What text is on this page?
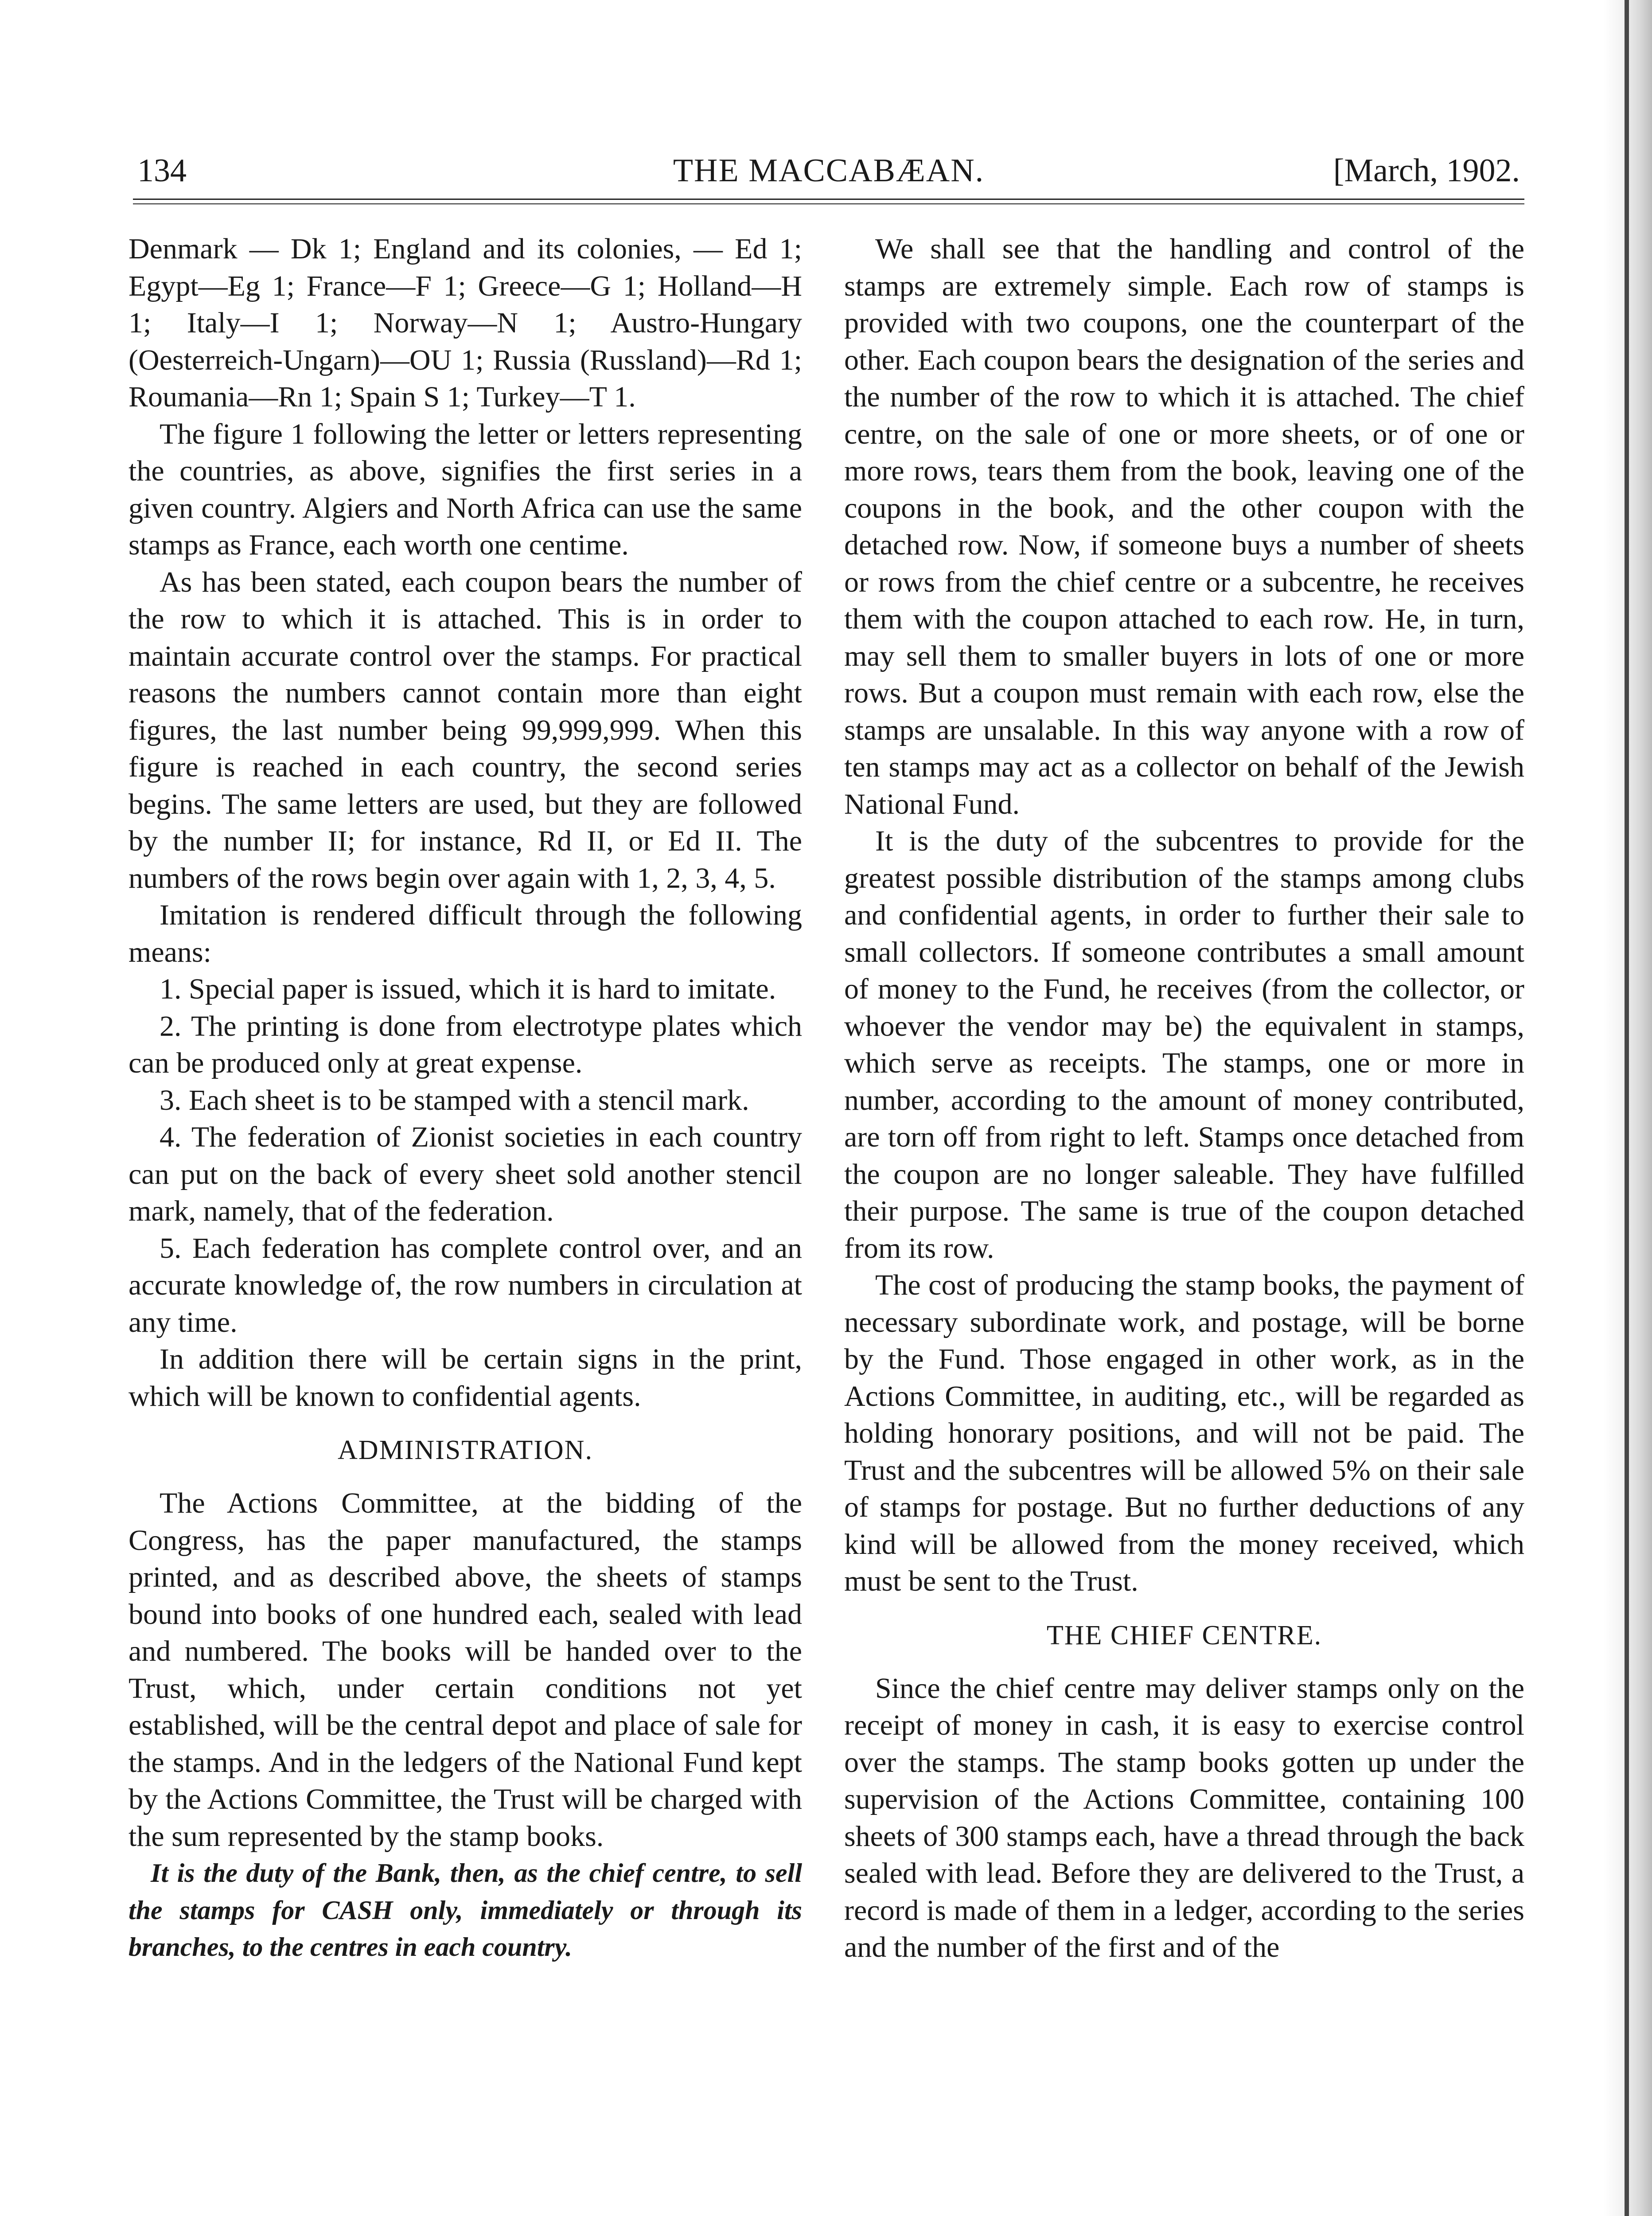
134	THE MACCABÆAN.	[March, 1902.

Denmark — Dk 1; England and its colonies, — Ed 1; Egypt—Eg 1; France—F 1; Greece—G 1; Holland—H 1; Italy—I 1; Norway—N 1; Austro-Hungary (Oesterreich-Ungarn)—OU 1; Russia (Russland)—Rd 1; Roumania—Rn 1; Spain S 1; Turkey—T 1.

The figure 1 following the letter or letters representing the countries, as above, signifies the first series in a given country. Algiers and North Africa can use the same stamps as France, each worth one centime.

As has been stated, each coupon bears the number of the row to which it is attached. This is in order to maintain accurate control over the stamps. For practical reasons the numbers cannot contain more than eight figures, the last number being 99,999,999. When this figure is reached in each country, the second series begins. The same letters are used, but they are followed by the number II; for instance, Rd II, or Ed II. The numbers of the rows begin over again with 1, 2, 3, 4, 5.

Imitation is rendered difficult through the following means:

1. Special paper is issued, which it is hard to imitate.

2. The printing is done from electrotype plates which can be produced only at great expense.

3. Each sheet is to be stamped with a stencil mark.

4. The federation of Zionist societies in each country can put on the back of every sheet sold another stencil mark, namely, that of the federation.

5. Each federation has complete control over, and an accurate knowledge of, the row numbers in circulation at any time.

In addition there will be certain signs in the print, which will be known to confidential agents.

ADMINISTRATION.

The Actions Committee, at the bidding of the Congress, has the paper manufactured, the stamps printed, and as described above, the sheets of stamps bound into books of one hundred each, sealed with lead and numbered. The books will be handed over to the Trust, which, under certain conditions not yet established, will be the central depot and place of sale for the stamps. And in the ledgers of the National Fund kept by the Actions Committee, the Trust will be charged with the sum represented by the stamp books.

It is the duty of the Bank, then, as the chief centre, to sell the stamps for CASH only, immediately or through its branches, to the centres in each country.

We shall see that the handling and control of the stamps are extremely simple. Each row of stamps is provided with two coupons, one the counterpart of the other. Each coupon bears the designation of the series and the number of the row to which it is attached. The chief centre, on the sale of one or more sheets, or of one or more rows, tears them from the book, leaving one of the coupons in the book, and the other coupon with the detached row. Now, if someone buys a number of sheets or rows from the chief centre or a subcentre, he receives them with the coupon attached to each row. He, in turn, may sell them to smaller buyers in lots of one or more rows. But a coupon must remain with each row, else the stamps are unsalable. In this way anyone with a row of ten stamps may act as a collector on behalf of the Jewish National Fund.

It is the duty of the subcentres to provide for the greatest possible distribution of the stamps among clubs and confidential agents, in order to further their sale to small collectors. If someone contributes a small amount of money to the Fund, he receives (from the collector, or whoever the vendor may be) the equivalent in stamps, which serve as receipts. The stamps, one or more in number, according to the amount of money contributed, are torn off from right to left. Stamps once detached from the coupon are no longer saleable. They have fulfilled their purpose. The same is true of the coupon detached from its row.

The cost of producing the stamp books, the payment of necessary subordinate work, and postage, will be borne by the Fund. Those engaged in other work, as in the Actions Committee, in auditing, etc., will be regarded as holding honorary positions, and will not be paid. The Trust and the subcentres will be allowed 5% on their sale of stamps for postage. But no further deductions of any kind will be allowed from the money received, which must be sent to the Trust.

THE CHIEF CENTRE.

Since the chief centre may deliver stamps only on the receipt of money in cash, it is easy to exercise control over the stamps. The stamp books gotten up under the supervision of the Actions Committee, containing 100 sheets of 300 stamps each, have a thread through the back sealed with lead. Before they are delivered to the Trust, a record is made of them in a ledger, according to the series and the number of the first and of the
